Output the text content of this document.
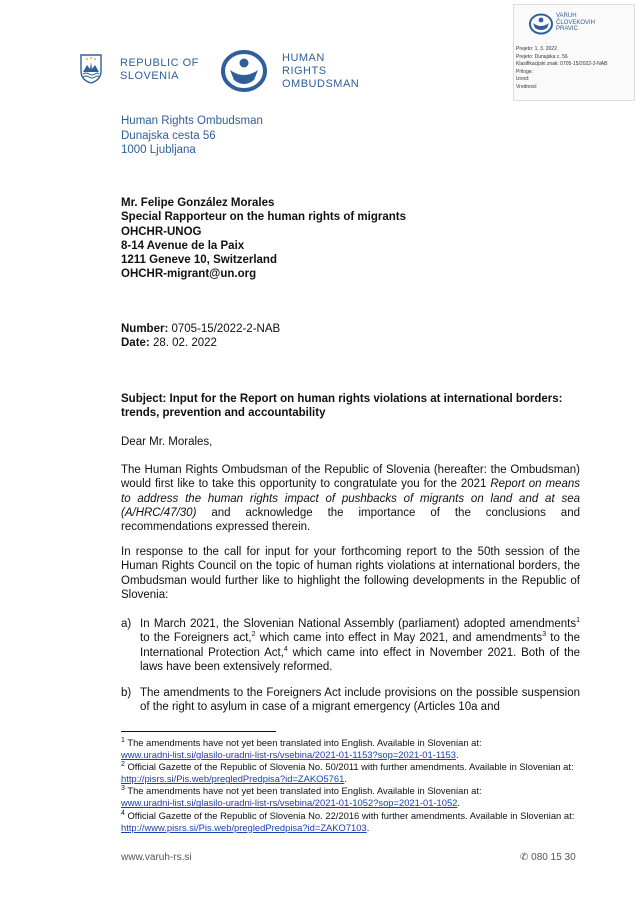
REPUBLIC OF
SLOVENIA
HUMAN
RIGHTS
OMBUDSMAN
VARUH
ČLOVEKOVIH
PRAVIC
Prejeto: 1. 3. 2022
Prejeto: Dunajska c. 56
Klasifikacijski znak: 0705-15/2022-2-NAB
Priloge:
Izvod:
Vrednost:
Human Rights Ombudsman
Dunajska cesta 56
1000 Ljubljana
Mr. Felipe González Morales
Special Rapporteur on the human rights of migrants
OHCHR-UNOG
8-14 Avenue de la Paix
1211 Geneve 10, Switzerland
OHCHR-migrant@un.org
Number: 0705-15/2022-2-NAB
Date: 28. 02. 2022
Subject: Input for the Report on human rights violations at international borders: trends, prevention and accountability
Dear Mr. Morales,
The Human Rights Ombudsman of the Republic of Slovenia (hereafter: the Ombudsman) would first like to take this opportunity to congratulate you for the 2021 Report on means to address the human rights impact of pushbacks of migrants on land and at sea (A/HRC/47/30) and acknowledge the importance of the conclusions and recommendations expressed therein.
In response to the call for input for your forthcoming report to the 50th session of the Human Rights Council on the topic of human rights violations at international borders, the Ombudsman would further like to highlight the following developments in the Republic of Slovenia:
a) In March 2021, the Slovenian National Assembly (parliament) adopted amendments$^1$ to the Foreigners act,$^2$ which came into effect in May 2021, and amendments$^3$ to the International Protection Act,$^4$ which came into effect in November 2021. Both of the laws have been extensively reformed.
b) The amendments to the Foreigners Act include provisions on the possible suspension of the right to asylum in case of a migrant emergency (Articles 10a and
$^1$ The amendments have not yet been translated into English. Available in Slovenian at:
www.uradni-list.si/glasilo-uradni-list-rs/vsebina/2021-01-1153?sop=2021-01-1153.
$^2$ Official Gazette of the Republic of Slovenia No. 50/2011 with further amendments. Available in Slovenian at: http://pisrs.si/Pis.web/pregledPredpisa?id=ZAKO5761.
$^3$ The amendments have not yet been translated into English. Available in Slovenian at:
www.uradni-list.si/glasilo-uradni-list-rs/vsebina/2021-01-1052?sop=2021-01-1052.
$^4$ Official Gazette of the Republic of Slovenia No. 22/2016 with further amendments. Available in Slovenian at: http://www.pisrs.si/Pis.web/pregledPredpisa?id=ZAKO7103.
www.varuh-rs.si	✆ 080 15 30
